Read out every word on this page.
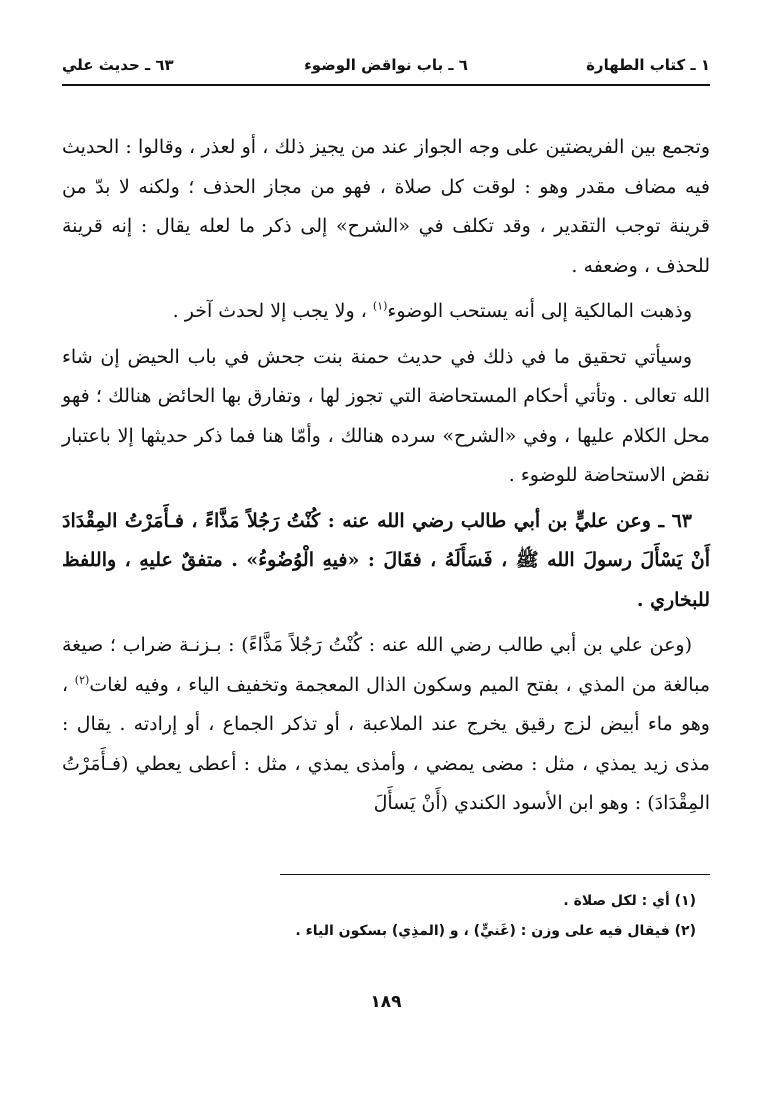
١ ـ كتاب الطهارة
٦ ـ باب نواقض الوضوء
٦٣ ـ حديث علي

وتجمع بين الفريضتين على وجه الجواز عند من يجيز ذلك ، أو لعذر ، وقالوا : الحديث فيه مضاف مقدر وهو : لوقت كل صلاة ، فهو من مجاز الحذف ؛ ولكنه لا بدّ من قرينة توجب التقدير ، وقد تكلف في «الشرح» إلى ذكر ما لعله يقال : إنه قرينة للحذف ، وضعفه .

وذهبت المالكية إلى أنه يستحب الوضوء$^{(١)}$ ، ولا يجب إلا لحدث آخر .

وسيأتي تحقيق ما في ذلك في حديث حمنة بنت جحش في باب الحيض إن شاء الله تعالى . وتأتي أحكام المستحاضة التي تجوز لها ، وتفارق بها الحائض هنالك ؛ فهو محل الكلام عليها ، وفي «الشرح» سرده هنالك ، وأمّا هنا فما ذكر حديثها إلا باعتبار نقض الاستحاضة للوضوء .

٦٣ ـ وعن عليٍّ بن أبي طالب رضي الله عنه : كُنْتُ رَجُلاً مَذَّاءً ، فـأَمَرْتُ المِقْدَادَ أَنْ يَسْأَلَ رسولَ الله ﷺ ، فَسَأَلَهُ ، فقَالَ : «فيهِ الْوُضُوءُ» . متفقٌ عليهِ ، واللفظ للبخاري .

(وعن علي بن أبي طالب رضي الله عنه : كُنْتُ رَجُلاً مَذَّاءً) : بـزنـة ضراب ؛ صيغة مبالغة من المذي ، بفتح الميم وسكون الذال المعجمة وتخفيف الياء ، وفيه لغات$^{(٢)}$ ، وهو ماء أبيض لزج رقيق يخرج عند الملاعبة ، أو تذكر الجماع ، أو إرادته . يقال : مذى زيد يمذي ، مثل : مضى يمضي ، وأمذى يمذي ، مثل : أعطى يعطي (فـأَمَرْتُ المِقْدَادَ) : وهو ابن الأسود الكندي (أَنْ يَسأَلَ

(١) أي : لكل صلاة .
(٢) فيقال فيه على وزن : (غَنيٍّ) ، و (المذِي) بسكون الياء .
١٨٩
